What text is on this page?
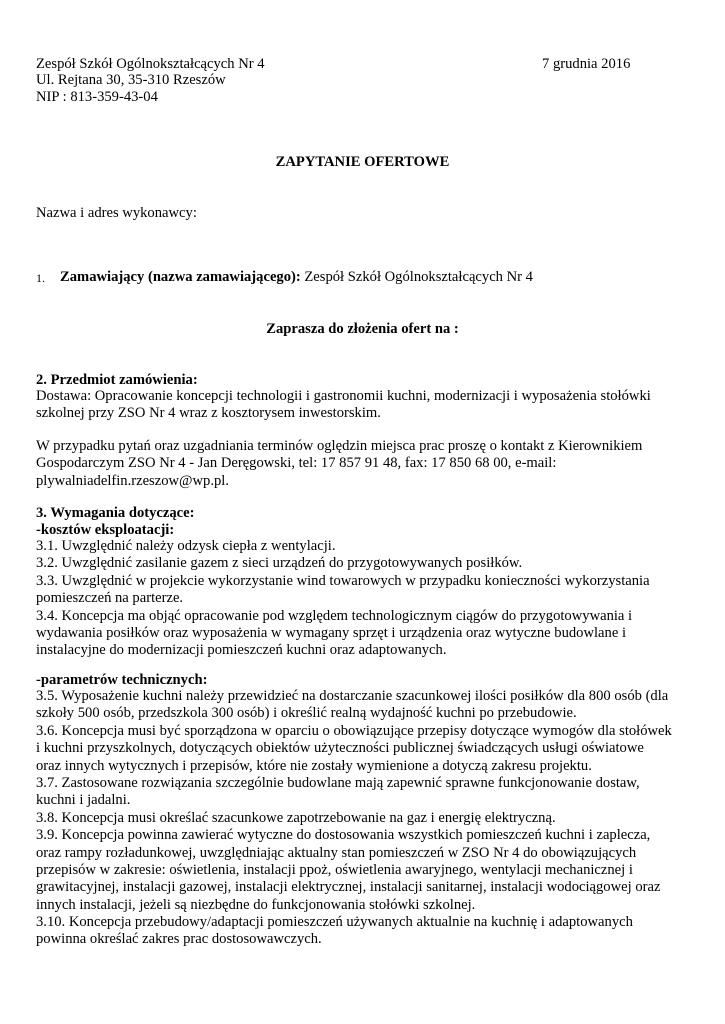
Zespół Szkół Ogólnokształcących Nr 4
Ul. Rejtana 30, 35-310 Rzeszów
NIP : 813-359-43-04
7 grudnia 2016
ZAPYTANIE OFERTOWE
Nazwa i adres wykonawcy:
1. Zamawiający (nazwa zamawiającego): Zespół Szkół Ogólnokształcących Nr 4
Zaprasza do złożenia ofert na :
2. Przedmiot zamówienia:
Dostawa: Opracowanie koncepcji technologii i gastronomii kuchni, modernizacji i wyposażenia stołówki
szkolnej przy ZSO Nr 4 wraz z kosztorysem inwestorskim.
W przypadku pytań oraz uzgadniania terminów oględzin miejsca prac proszę o kontakt z Kierownikiem
Gospodarczym ZSO Nr 4 - Jan Deręgowski, tel: 17 857 91 48, fax: 17 850 68 00, e-mail:
plywalniadelfin.rzeszow@wp.pl.
3. Wymagania dotyczące:
-kosztów eksploatacji:
3.1. Uwzględnić należy odzysk ciepła z wentylacji.
3.2. Uwzględnić zasilanie gazem z sieci urządzeń do przygotowywanych posiłków.
3.3. Uwzględnić w projekcie wykorzystanie wind towarowych w przypadku konieczności wykorzystania
pomieszczeń na parterze.
3.4. Koncepcja ma objąć opracowanie pod względem technologicznym ciągów do przygotowywania i
wydawania posiłków oraz wyposażenia w wymagany sprzęt i urządzenia oraz wytyczne budowlane i
instalacyjne do modernizacji pomieszczeń kuchni oraz adaptowanych.
-parametrów technicznych:
3.5. Wyposażenie kuchni należy przewidzieć na dostarczanie szacunkowej ilości posiłków dla 800 osób (dla
szkoły 500 osób, przedszkola 300 osób) i określić realną wydajność kuchni po przebudowie.
3.6. Koncepcja musi być sporządzona w oparciu o obowiązujące przepisy dotyczące wymogów dla stołówek
i kuchni przyszkolnych, dotyczących obiektów użyteczności publicznej świadczących usługi oświatowe
oraz innych wytycznych i przepisów, które nie zostały wymienione a dotyczą zakresu projektu.
3.7. Zastosowane rozwiązania szczególnie budowlane mają zapewnić sprawne funkcjonowanie dostaw,
kuchni i jadalni.
3.8. Koncepcja musi określać szacunkowe zapotrzebowanie na gaz i energię elektryczną.
3.9. Koncepcja powinna zawierać wytyczne do dostosowania wszystkich pomieszczeń kuchni i zaplecza,
oraz rampy rozładunkowej, uwzględniając aktualny stan pomieszczeń w ZSO Nr 4 do obowiązujących
przepisów w zakresie: oświetlenia, instalacji ppoż, oświetlenia awaryjnego, wentylacji mechanicznej i
grawitacyjnej, instalacji gazowej, instalacji elektrycznej, instalacji sanitarnej, instalacji wodociągowej oraz
innych instalacji, jeżeli są niezbędne do funkcjonowania stołówki szkolnej.
3.10. Koncepcja przebudowy/adaptacji pomieszczeń używanych aktualnie na kuchnię i adaptowanych
powinna określać zakres prac dostosowawczych.
